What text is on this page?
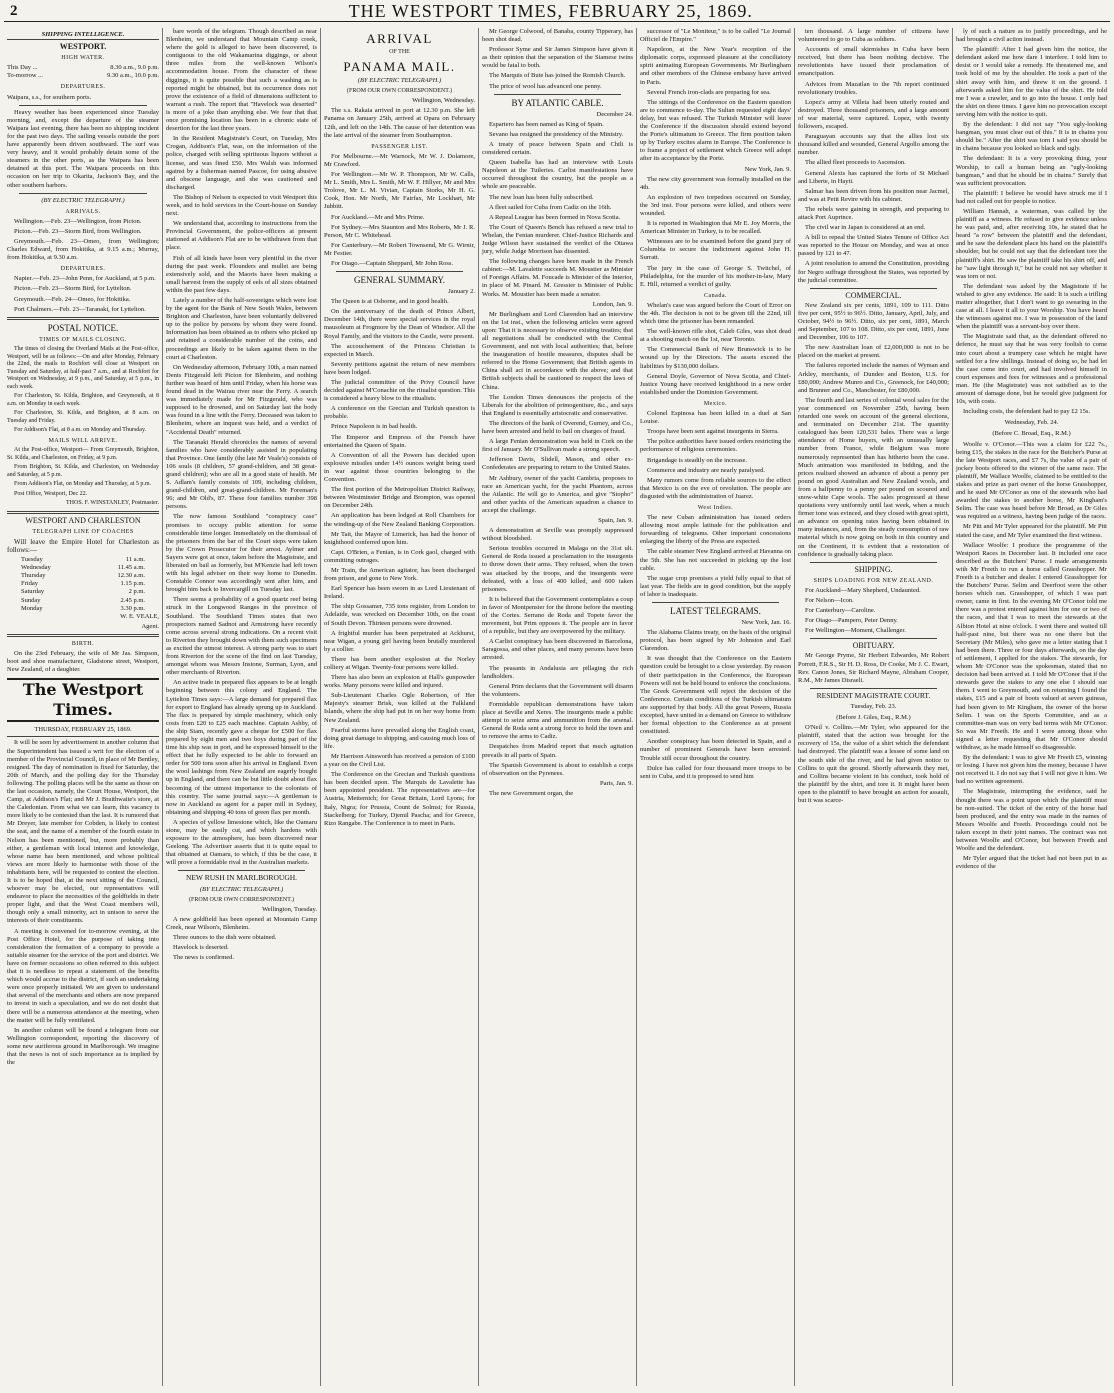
2	THE WESTPORT TIMES, FEBRUARY 25, 1869.
SHIPPING INTELLIGENCE.
WESTPORT.
HIGH WATER.
This Day ...	8.30 a.m., 9.0 p.m.
To-morrow ...	9.30 a.m., 10.0 p.m.
DEPARTURES.
Waipara, s.s., for southern ports.

Heavy weather has been experienced since Tuesday morning, and, except the departure of the steamer Waipara last evening, there has been no shipping incident for the past two days. The sailing vessels outside the port have apparently been driven southward. The surf was very heavy, and it would probably detain some of the steamers in the other ports, as the Waipara has been detained at this port. The Waipara proceeds on this occasion on her trip to Okarita, Jackson's Bay, and the other southern harbors.

(BY ELECTRIC TELEGRAPH.)
ARRIVALS.

Wellington.—Feb. 23—Wellington, from Picton.

Picton.—Feb. 23—Storm Bird, from Wellington.

Greymouth.—Feb. 23—Omeo, from Wellington; Charles Edward, from Hokitika, at 9.15 a.m.; Murray, from Hokitika, at 9.30 a.m.

DEPARTURES.

Napier.—Feb. 23—John Penn, for Auckland, at 5 p.m.

Picton.—Feb. 23—Storm Bird, for Lyttelton.

Greymouth.—Feb. 24—Omeo, for Hokitika.

Port Chalmers.—Feb. 23—Taranaki, for Lyttelton.

POSTAL NOTICE.
TIMES OF MAILS CLOSING.

The times of closing the Overland Mails at the Post-office, Westport, will be as follows:—On and after Monday, February the 22nd, the mails to Rochfort will close at Westport on Tuesday and Saturday, at half-past 7 a.m., and at Rochfort for Westport on Wednesday, at 9 p.m., and Saturday, at 5 p.m., in each week.

For Charleston, St. Kilda, Brighton, and Greymouth, at 8 a.m. on Monday in each week.

For Charleston, St. Kilda, and Brighton, at 8 a.m. on Tuesday and Friday.

For Addison's Flat, at 8 a.m. on Monday and Thursday.

MAILS WILL ARRIVE.

At the Post-office, Westport— From Greymouth, Brighton, St. Kilda, and Charleston, on Friday, at 9 p.m.

From Brighton, St. Kilda, and Charleston, on Wednesday and Saturday, at 5 p.m.

From Addison's Flat, on Monday and Thursday, at 5 p.m.

Post Office, Westport, Dec 22.

THOS. F. WINSTANLEY, Postmaster.
WESTPORT AND CHARLESTON
TELEGRAPH LINE OF COACHES

Will leave the Empire Hotel for Charleston as follows:—

Tuesday	11 a.m.
Wednesday	11.45 a.m.
Thursday	12.30 a.m.
Friday	1.15 p.m.
Saturday	2 p.m.
Sunday	2.45 p.m.
Monday	3.30 p.m.
W. E. VEALE,
Agent.
BIRTH.

On the 23rd February, the wife of Mr Jas. Simpson, boot and shoe manufacturer, Gladstone street, Westport, New Zealand, of a daughter.

The Westport Times.
THURSDAY, FEBRUARY 25, 1869.

It will be seen by advertisement in another column that the Superintendent has issued a writ for the election of a member of the Provincial Council, in place of Mr Bentley, resigned. The day of nomination is fixed for Saturday, the 20th of March, and the polling day for the Thursday following. The polling places will be the same as those on the last occasion, namely, the Court House, Westport, the Camp, at Addison's Flat; and Mr J. Braithwaite's store, at the Caledonian. From what we can learn, this vacancy is more likely to be contested than the last. It is rumored that Mr Dreyer, late member for Cobden, is likely to contest the seat, and the name of a member of the fourth estate in Nelson has been mentioned, but, more probably than either, a gentleman with local interest and knowledge, whose name has been mentioned, and whose political views are more likely to harmonise with those of the inhabitants here, will be requested to contest the election. It is to be hoped that, at the next sitting of the Council, whoever may be elected, our representatives will endeavor to place the necessities of the goldfields in their proper light, and that the West Coast members will, though only a small minority, act in unison to serve the interests of their constituents.

A meeting is convened for to-morrow evening, at the Post Office Hotel, for the purpose of taking into consideration the formation of a company to provide a suitable steamer for the service of the port and district. We have on former occasions so often referred to this subject that it is needless to repeat a statement of the benefits which would accrue to the district, if such an undertaking were once properly initiated. We are given to understand that several of the merchants and others are now prepared to invest in such a speculation, and we do not doubt that there will be a numerous attendance at the meeting, when the matter will be fully ventilated.

In another column will be found a telegram from our Wellington correspondent, reporting the discovery of some new auriferous ground in Marlborough. We imagine that the news is not of such importance as is implied by the

bare words of the telegram. Though described as near Blenheim, we understand that Mountain Camp creek, where the gold is alleged to have been discovered, is contiguous to the old Wakamarina diggings, or about three miles from the well-known Wilson's accommodation house. From the character of these diggings, it is quite possible that such a washing as is reported might be obtained, but its occurrence does not prove the existence of a field of dimensions sufficient to warrant a rush. The report that "Havelock was deserted" is more of a joke than anything else. We fear that that once promising location has been in a chronic state of desertion for the last three years.

In the Resident Magistrate's Court, on Tuesday, Mrs Crogan, Addison's Flat, was, on the information of the police, charged with selling spirituous liquors without a license, and was fined £50. Mrs Walsh was informed against by a fisherman named Pascoe, for using abusive and obscene language, and she was cautioned and discharged.

The Bishop of Nelson is expected to visit Westport this week, and to hold services in the Court-house on Sunday next.

We understand that, according to instructions from the Provincial Government, the police-officers at present stationed at Addison's Flat are to be withdrawn from that place.

Fish of all kinds have been very plentiful in the river during the past week. Flounders and mullet are being extensively sold, and the Maoris have been making a small harvest from the supply of eels of all sizes obtained within the past few days.

Lately a number of the half-sovereigns which were lost by the agent for the Bank of New South Wales, between Brighton and Charleston, have been voluntarily delivered up to the police by persons by whom they were found. Information has been obtained as to others who picked up and retained a considerable number of the coins, and proceedings are likely to be taken against them in the court at Charleston.

On Wednesday afternoon, February 10th, a man named Denis Fitzgerald left Picton for Blenheim, and nothing further was heard of him until Friday, when his horse was found dead in the Wairau river near the Ferry. A search was immediately made for Mr Fitzgerald, who was supposed to be drowned, and on Saturday last the body was found in a line with the Ferry. Deceased was taken to Blenheim, where an inquest was held, and a verdict of "Accidental Death" returned.

The Taranaki Herald chronicles the names of several families who have considerably assisted in populating that Province. One family (the late Mr Veale's) consists of 106 souls (8 children, 57 grand-children, and 38 great-grand children); who are all in a good state of health. Mr S. Adlam's family consists of 109, including children, grand-children, and great-grand-children. Mr Foreman's 96; and Mr Old's, 87. These four families number 398 persons.

The now famous Southland "conspiracy case" promises to occupy public attention for some considerable time longer. Immediately on the dismissal of the prisoners from the bar of the Court steps were taken by the Crown Prosecutor for their arrest. Aylmer and Sayers were got at once, taken before the Magistrate, and liberated on bail as formerly, but M'Kenzie had left town with his legal adviser on their way home to Dunedin. Constable Connor was accordingly sent after him, and brought him back to Invercargill on Tuesday last.

There seems a probability of a good quartz reef being struck in the Longwood Ranges in the province of Southland. The Southland Times states that two prospectors named Sadnot and Armstrong have recently come across several strong indications. On a recent visit to Riverton they brought down with them such specimens as excited the utmost interest. A strong party was to start from Riverton for the scene of the find on last Tuesday, amongst whom was Messrs Instone, Surman, Lyon, and other merchants of Riverton.

An active trade in prepared flax appears to be at length beginning between this colony and England. The Lyttelton Times says:—A large demand for prepared flax for export to England has already sprung up in Auckland. The flax is prepared by simple machinery, which only costs from £20 to £25 each machine. Captain Ashby, of the ship Siam, recently gave a cheque for £500 for flax prepared by eight men and two boys during part of the time his ship was in port, and he expressed himself to the effect that he fully expected to be able to forward an order for 500 tons soon after his arrival in England. Even the wool lashings from New Zealand are eagerly bought up in England, and there can be but little doubt about flax becoming of the utmost importance to the colonists of this country. The same journal says:—A gentleman is now in Auckland as agent for a paper mill in Sydney, obtaining and shipping 40 tons of green flax per month.

A species of yellow limestone which, like the Oamaru stone, may be easily cut, and which hardens with exposure to the atmosphere, has been discovered near Geelong. The Advertiser asserts that it is quite equal to that obtained at Oamaru, to which, if this be the case, it will prove a formidable rival in the Australian markets.

NEW RUSH IN MARLBOROUGH.
(BY ELECTRIC TELEGRAPH.)
(FROM OUR OWN CORRESPONDENT.)
Wellington, Tuesday.

A new goldfield has been opened at Mountain Camp Creek, near Wilson's, Blenheim.

Three ounces to the dish were obtained.

Havelock is deserted.

The news is confirmed.

ARRIVAL
OF THE
PANAMA MAIL.
(BY ELECTRIC TELEGRAPH.)
(FROM OUR OWN CORRESPONDENT.)
Wellington, Wednesday.

The s.s. Rakaia arrived in port at 12.30 p.m. She left Panama on January 25th, arrived at Opara on February 12th, and left on the 14th. The cause of her detention was the late arrival of the steamer from Southampton.

PASSENGER LIST.

For Melbourne.—Mr Warnock, Mr W. J. Dolamore, Mr Crawford.

For Wellington.—Mr W. P. Thompson, Mr W. Calls, Mr L. Smith, Mrs L. Smith, Mr W. F. Hillyer, Mr and Mrs Trolove, Mr L. M. Vivian, Captain Storks, Mr H. G. Cook, Hon. Mr North, Mr Fairfax, Mr Lockhart, Mr Jubbitt.

For Auckland.—Mr and Mrs Prime.

For Sydney.—Mrs Staunton and Mrs Roberts, Mr J. R. Person, Mr C. Whitehead.

For Canterbury.—Mr Robert Townsend, Mr G. Wirnir, Mr Festier.

For Otago.—Captain Sheppard, Mr John Ross.

GENERAL SUMMARY.
January 2.

The Queen is at Osborne, and in good health.

On the anniversary of the death of Prince Albert, December 14th, there were special services in the royal mausoleum at Frogmore by the Dean of Windsor. All the Royal Family, and the visitors to the Castle, were present.

The accouchement of the Princess Christian is expected in March.

Seventy petitions against the return of new members have been lodged.

The judicial committee of the Privy Council have decided against M'Conachie on the ritualist question. This is considered a heavy blow to the ritualists.

A conference on the Grecian and Turkish question is probable.

Prince Napoleon is in bad health.

The Emperor and Empress of the French have entertained the Queen of Spain.

A Convention of all the Powers has decided upon explosive missiles under 14½ ounces weight being used in war against those countries belonging to the Convention.

The first portion of the Metropolitan District Railway, between Westminster Bridge and Brompton, was opened on December 24th.

An application has been lodged at Roll Chambers for the winding-up of the New Zealand Banking Corporation.

Mr Tait, the Mayor of Limerick, has had the honor of knighthood conferred upon him.

Capt. O'Brien, a Fenian, is in Cork gaol, charged with committing outrages.

Mr Train, the American agitator, has been discharged from prison, and gone to New York.

Earl Spencer has been sworn in as Lord Lieutenant of Ireland.

The ship Gossamer, 735 tons register, from London to Adelaide, was wrecked on December 10th, on the coast of South Devon. Thirteen persons were drowned.

A frightful murder has been perpetrated at Ackhurst, near Wigan, a young girl having been brutally murdered by a collier.

There has been another explosion at the Norley colliery at Wigan. Twenty-four persons were killed.

There has also been an explosion at Hall's gunpowder works. Many persons were killed and injured.

Sub-Lieutenant Charles Ogle Robertson, of Her Majesty's steamer Brisk, was killed at the Falkland Islands, where the ship had put in on her way home from New Zealand.

Fearful storms have prevailed along the English coast, doing great damage to shipping, and causing much loss of life.

Mr Harrison Ainsworth has received a pension of £100 a year on the Civil List.

The Conference on the Grecian and Turkish questions has been decided upon. The Marquis de Lavalette has been appointed president. The representatives are—for Austria, Metternich; for Great Britain, Lord Lyons; for Italy, Nigra; for Prussia, Count de Solmsi; for Russia, Stackelberg; for Turkey, Djemil Pascha; and for Greece, Rizo Rangabe. The Conference is to meet in Paris.

Mr George Colwood, of Banaba, county Tipperary, has been shot dead.

Professor Syme and Sir James Simpson have given it as their opinion that the separation of the Siamese twins would be fatal to both.

The Marquis of Bute has joined the Romish Church.

The price of wool has advanced one penny.

BY ATLANTIC CABLE.
December 24.

Espartero has been named as King of Spain.

Sevano has resigned the presidency of the Ministry.

A treaty of peace between Spain and Chili is considered certain.

Queen Isabella has had an interview with Louis Napoleon at the Tuileries. Carlist manifestations have occurred throughout the country, but the people as a whole are peaceable.

The new loan has been fully subscribed.

A fleet sailed for Cuba from Cadiz on the 16th.

A Repeal League has been formed in Nova Scotia.

The Court of Queen's Bench has refused a new trial to Whelan, the Fenian murderer. Chief-Justice Richards and Judge Wilson have sustained the verdict of the Ottawa jury, while Judge Morrison has dissented.

The following changes have been made in the French cabinet:—M. Lavalette succeeds M. Moustier as Minister of Foreign Affairs. M. Foucade is Minister of the Interior, in place of M. Pinard. M. Gressier is Minister of Public Works. M. Moustier has been made a senator.

London, Jan. 9.

Mr Burlingham and Lord Clarendon had an interview on the 1st inst., when the following articles were agreed upon: That it is necessary to observe existing treaties; that all negotiations shall be conducted with the Central Government, and not with local authorities; that, before the inauguration of hostile measures, disputes shall be referred to the Home Government; that British agents in China shall act in accordance with the above; and that British subjects shall be cautioned to respect the laws of China.

The London Times denounces the projects of the Liberals for the abolition of primogeniture, &c., and says that England is essentially aristocratic and conservative.

The directors of the bank of Overend, Gurney, and Co., have been arrested and held to bail on charges of fraud.

A large Fenian demonstration was held in Cork on the first of January. Mr O'Sullivan made a strong speech.

Jefferson Davis, Slidell, Mason, and other ex-Confederates are preparing to return to the United States.

Mr Ashbury, owner of the yacht Cambria, proposes to race an American yacht, for the yacht Phantom, across the Atlantic. He will go to America, and give "Stopbo" and other yachts of the American squadron a chance to accept the challenge.

Spain, Jan. 9.

A demonstration at Seville was promptly suppressed without bloodshed.

Serious troubles occurred in Malaga on the 31st ult. General de Roda issued a proclamation to the insurgents to throw down their arms. They refused, when the town was attacked by the troops, and the insurgents were defeated, with a loss of 400 killed, and 600 taken prisoners.

It is believed that the Government contemplates a coup in favor of Montpensier for the throne before the meeting of the Cortes. Serrano de Roda and Topete favor the movement, but Prim opposes it. The people are in favor of a republic, but they are overpowered by the military.

A Carlist conspiracy has been discovered in Barcelona, Saragossa, and other places, and many persons have been arrested.

The peasants in Andalusia are pillaging the rich landholders.

General Prim declares that the Government will disarm the volunteers.

Formidable republican demonstrations have taken place at Seville and Xeres. The insurgents made a public attempt to seize arms and ammunition from the arsenal. General de Roda sent a strong force to hold the town and to remove the arms to Cadiz.

Despatches from Madrid report that much agitation prevails in all parts of Spain.

The Spanish Government is about to establish a corps of observation on the Pyrenees.

Paris, Jan. 9.

The new Government organ, the

successor of "Le Moniteur," is to be called "Le Journal Officiel de l'Empire."

Napoleon, at the New Year's reception of the diplomatic corps, expressed pleasure at the conciliatory spirit animating European Governments. Mr Burlingham and other members of the Chinese embassy have arrived in Paris.

Several French iron-clads are preparing for sea.

The sittings of the Conference on the Eastern question are to commence to-day. The Sultan requested eight days' delay, but was refused. The Turkish Minister will leave the Conference if the discussion should extend beyond the Porte's ultimatum to Greece. The firm position taken up by Turkey excites alarm in Europe. The Conference is to frame a project of settlement which Greece will adopt after its acceptance by the Porte.

New York, Jan. 9.

The new city government was formally installed on the 4th.

An explosion of two torpedoes occurred on Sunday, the 3rd inst. Four persons were killed, and others were wounded.

It is reported in Washington that Mr E. Joy Morris, the American Minister in Turkey, is to be recalled.

Witnesses are to be examined before the grand jury of Columbia to secure the indictment against John H. Surratt.

The jury in the case of George S. Twitchel, of Philadelphia, for the murder of his mother-in-law, Mary E. Hill, returned a verdict of guilty.

Canada.

Whelan's case was argued before the Court of Error on the 4th. The decision is not to be given till the 22nd, till which time the prisoner has been remanded.

The well-known rifle shot, Caleb Giles, was shot dead at a shooting match on the 1st, near Toronto.

The Commercial Bank of New Brunswick is to be wound up by the Directors. The assets exceed the liabilities by $130,000 dollars.

General Doyle, Governor of Nova Scotia, and Chief-Justice Young have received knighthood in a new order established under the Dominion Government.

Mexico.

Colonel Espinosa has been killed in a duel at San Louise.

Troops have been sent against insurgents in Sierra.

The police authorities have issued orders restricting the performance of religious ceremonies.

Brigandage is steadily on the increase.

Commerce and industry are nearly paralysed.

Many rumors come from reliable sources to the effect that Mexico is on the eve of revolution. The people are disgusted with the administration of Juarez.

West Indies.

The new Cuban administration has issued orders allowing most ample latitude for the publication and forwarding of telegrams. Other important concessions enlarging the liberty of the Press are expected.

The cable steamer New England arrived at Havanna on the 5th. She has not succeeded in picking up the lost cable.

The sugar crop promises a yield fully equal to that of last year. The fields are in good condition, but the supply of labor is inadequate.

LATEST TELEGRAMS.
New York, Jan. 16.

The Alabama Claims treaty, on the basis of the original protocol, has been signed by Mr Johnston and Earl Clarendon.

It was thought that the Conference on the Eastern question could be brought to a close yesterday. By reason of their participation in the Conference, the European Powers will not be held bound to enforce the conclusions. The Greek Government will reject the decision of the Conference. Certain conditions of the Turkish ultimatum are supported by that body. All the great Powers, Russia excepted, have united in a demand on Greece to withdraw her formal objection to the Conference as at present constituted.

Another conspiracy has been detected in Spain, and a number of prominent Generals have been arrested. Trouble still occur throughout the country.

Dulce has called for four thousand more troops to be sent to Cuba, and it is proposed to send him

ten thousand. A large number of citizens have volunteered to go to Cuba as soldiers.

Accounts of small skirmishes in Cuba have been received, but there has been nothing decisive. The revolutionists have issued their proclamation of emancipation.

Advices from Mazatlan to the 7th report continued revolutionary troubles.

Lopez's army at Villeta had been utterly routed and destroyed. Three thousand prisoners, and a large amount of war material, were captured. Lopez, with twenty followers, escaped.

Paraguayan accounts say that the allies lost six thousand killed and wounded, General Argollo among the number.

The allied fleet proceeds to Ascension.

General Alexis has captured the forts of St Michael and Liberte, in Hayti.

Salmar has been driven from his position near Jacmel, and was at Petit Revire with his cabinet.

The rebels were gaining in strength, and preparing to attack Port Auprince.

The civil war in Japan is considered at an end.

A bill to repeal the United States Tenure of Office Act was reported to the House on Monday, and was at once passed by 121 to 47.

A joint resolution to amend the Constitution, providing for Negro suffrage throughout the States, was reported by the judicial committee.

COMMERCIAL.

New Zealand six per cents, 1891, 109 to 111. Ditto five per cent, 95½ to 96½. Ditto, January, April, July, and October, 94½ to 96½. Ditto, six per cent, 1891, March and September, 107 to 108. Ditto, six per cent, 1891, June and December, 106 to 107.

The new Australian loan of £2,000,000 is not to be placed on the market at present.

The failures reported include the names of Wyman and Arkley, merchants, of Dundee and Boston, U.S. for £80,000; Andrew Munro and Co., Greenock, for £40,000; and Brunner and Co., Manchester, for £80,000.

The fourth and last series of colonial wool sales for the year commenced on November 25th, having been retarded one week on account of the general elections, and terminated on December 21st. The quantity catalogued has been 120,531 bales. There was a large attendance of Home buyers, with an unusually large number from France, while Belgium was more numerously represented than has hitherto been the case. Much animation was manifested in bidding, and the prices realised showed an advance of about a penny per pound on good Australian and New Zealand wools, and from a halfpenny to a penny per pound on scoured and snow-white Cape wools. The sales progressed at these quotations very uniformly until last week, when a much firmer tone was evinced, and they closed with great spirit, an advance on opening rates having been obtained in many instances, and, from the steady consumption of raw material which is now going on both in this country and on the Continent, it is evident that a restoration of confidence is gradually taking place.

SHIPPING.
SHIPS LOADING FOR NEW ZEALAND.

For Auckland—Mary Shepherd, Undaunted.

For Nelson—Icon.

For Canterbury—Caroline.

For Otago—Pampero, Peter Denny.

For Wellington—Moment, Challenger.

OBITUARY.

Mr George Pryme, Sir Herbert Edwardes, Mr Robert Porrett, F.R.S., Sir H. D. Ross, Dr Cooke, Mr J. C. Ewart, Rev. Canon Jones, Sir Richard Mayne, Abraham Cooper, R.M., Mr James Disraeli.

RESIDENT MAGISTRATE COURT.
Tuesday, Feb. 23.
(Before J. Giles, Esq., R.M.)

O'Neil v. Collins.—Mr Tyler, who appeared for the plaintiff, stated that the action was brought for the recovery of 15s, the value of a shirt which the defendant had destroyed. The plaintiff was a lessee of some land on the south side of the river, and he had given notice to Collins to quit the ground. Shortly afterwards they met, and Collins became violent in his conduct, took hold of the plaintiff by the shirt, and tore it. It might have been open to the plaintiff to have brought an action for assault, but it was scarce-

ly of such a nature as to justify proceedings, and he had brought a civil action instead.

The plaintiff: After I had given him the notice, the defendant asked me how dare I interfere. I told him to desist or I would take a remedy. He threatened me, and took hold of me by the shoulder. He took a part of the shirt away with him, and threw it on the ground. I afterwards asked him for the value of the shirt. He told me I was a crawler, and to go into the house. I only had the shirt on three times. I gave him no provocation except serving him with the notice to quit.

By the defendant: I did not say "You ugly-looking bangman, you must clear out of this." It is in chains you should be." After the shirt was torn I said you should be in chains because you looked so black and ugly.

The defendant: It is a very provoking thing, your Worship, to call a human being an "ugly-looking bangman," and that he should be in chains." Surely that was sufficient provocation.

The plaintiff: I believe he would have struck me if I had not called out for people to notice.

William Hannah, a waterman, was called by the plaintiff as a witness. He refused to give evidence unless he was paid, and, after receiving 10s, he stated that he heard "a row" between the plaintiff and the defendant, and he saw the defendant place his hand on the plaintiff's shoulder, but he could not say that the defendant tore the plaintiff's shirt. He saw the plaintiff take his shirt off, and he "saw light through it," but he could not say whether it was torn or not.

The defendant was asked by the Magistrate if he wished to give any evidence. He said: It is such a trifling matter altogether, that I don't want to go swearing in the case at all. I leave it all to your Worship. You have heard the witnesses against me. I was in possession of the land when the plaintiff was a servant-boy over there.

The Magistrate said that, as the defendant offered no defence, he must say that he was very foolish to come into court about a trumpery case which he might have settled for a few shillings. Instead of doing so, he had let the case come into court, and had involved himself in court expenses and fees for witnesses and a professional man. He (the Magistrate) was not satisfied as to the amount of damage done, but he would give judgment for 10s, with costs.

Including costs, the defendant had to pay £2 15s.

Wednesday, Feb. 24.
(Before C. Broad, Esq., R.M.)

Woolfe v. O'Conor.—This was a claim for £22 7s., being £15, the stakes in the race for the Butcher's Purse at the late Westport races, and £7 7s, the value of a pair of jockey boots offered to the winner of the same race. The plaintiff, Mr Wallace Woolfe, claimed to be entitled to the stakes and prize as part owner of the horse Grasshopper, and he sued Mr O'Conor as one of the stewards who had awarded the stakes to another horse, Mr Kingham's Selim. The case was heard before Mr Broad, as Dr Giles was required as a witness, having been judge of the races.

Mr Pitt and Mr Tyler appeared for the plaintiff. Mr Pitt stated the case, and Mr Tyler examined the first witness.

Wallace Woolfe: I produce the programme of the Westport Races in December last. It included one race described as the Butchers' Purse. I made arrangements with Mr Freeth to run a horse called Grasshopper. Mr Freeth is a butcher and dealer. I entered Grasshopper for the Butchers' Purse. Selim and Deerfoot were the other horses which ran. Grasshopper, of which I was part owner, came in first. In the evening Mr O'Conor told me there was a protest entered against him for one or two of the races, and that I was to meet the stewards at the Albion Hotel at nine o'clock. I went there and waited till half-past nine, but there was no one there but the Secretary (Mr Miles), who gave me a letter stating that I had been there. Three or four days afterwards, on the day of settlement, I applied for the stakes. The stewards, for whom Mr O'Conor was the spokesman, stated that no decision had been arrived at. I told Mr O'Conor that if the stewards gave the stakes to any one else I should sue them. I went to Greymouth, and on returning I found the stakes, £15 and a pair of boots valued at seven guineas, had been given to Mr Kingham, the owner of the horse Selim. I was on the Sports Committee, and as a committee-man was on very bad terms with Mr O'Conor. So was Mr Freeth. He and I were among those who signed a letter requesting that Mr O'Conor should withdraw, as he made himself so disagreeable.

By the defendant: I was to give Mr Freeth £5, winning or losing. I have not given him the money, because I have not received it. I do not say that I will not give it him. We had no written agreement.

The Magistrate, interrupting the evidence, said he thought there was a point upon which the plaintiff must be non-suited. The ticket of the entry of the horse had been produced, and the entry was made in the names of Messrs Woolfe and Freeth. Proceedings could not be taken except in their joint names. The contract was not between Woolfe and O'Conor, but between Freeth and Woolfe and the defendant.

Mr Tyler argued that the ticket had not been put in as evidence of the
